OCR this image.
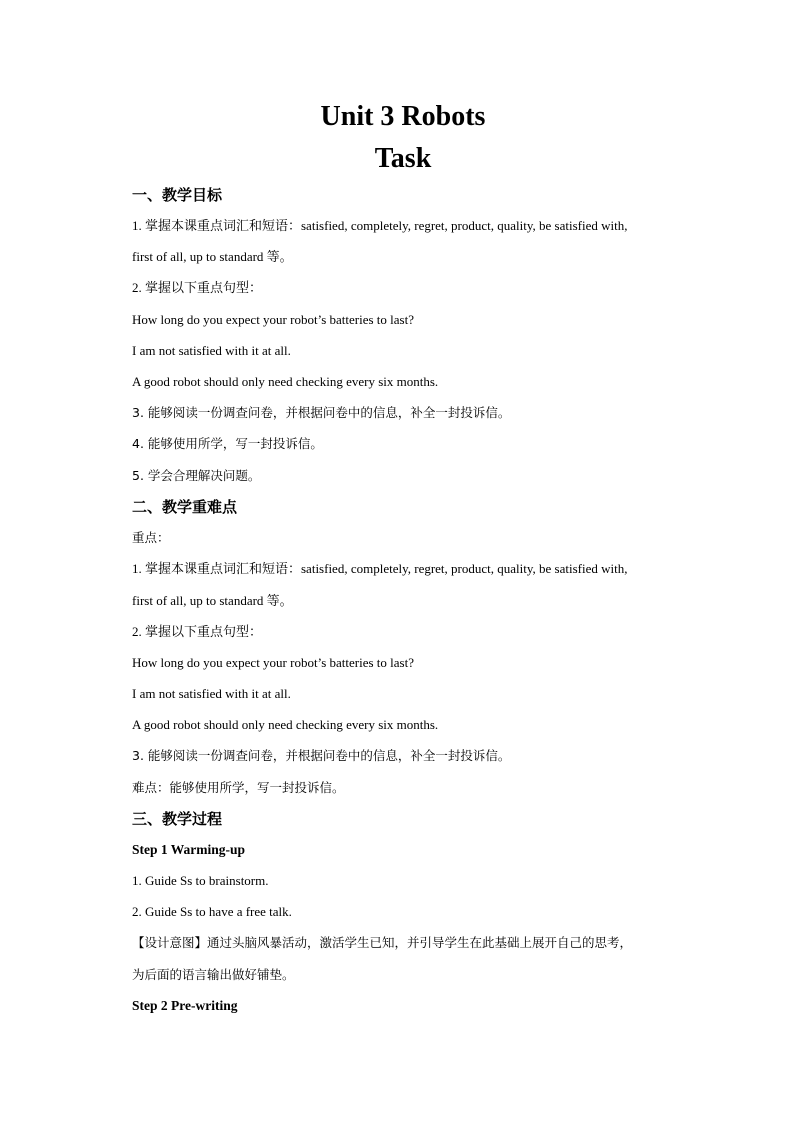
Unit 3 Robots
Task
一、教学目标
1. 掌握本课重点词汇和短语：satisfied, completely, regret, product, quality, be satisfied with,
first of all, up to standard 等。
2. 掌握以下重点句型：
How long do you expect your robot’s batteries to last?
I am not satisfied with it at all.
A good robot should only need checking every six months.
3. 能够阅读一份调查问卷，并根据问卷中的信息，补全一封投诉信。
4. 能够使用所学，写一封投诉信。
5. 学会合理解决问题。
二、教学重难点
重点：
1. 掌握本课重点词汇和短语：satisfied, completely, regret, product, quality, be satisfied with,
first of all, up to standard 等。
2. 掌握以下重点句型：
How long do you expect your robot’s batteries to last?
I am not satisfied with it at all.
A good robot should only need checking every six months.
3. 能够阅读一份调查问卷，并根据问卷中的信息，补全一封投诉信。
难点：能够使用所学，写一封投诉信。
三、教学过程
Step 1 Warming-up
1. Guide Ss to brainstorm.
2. Guide Ss to have a free talk.
【设计意图】通过头脑风暴活动，激活学生已知，并引导学生在此基础上展开自己的思考，
为后面的语言输出做好铺垫。
Step 2 Pre-writing
